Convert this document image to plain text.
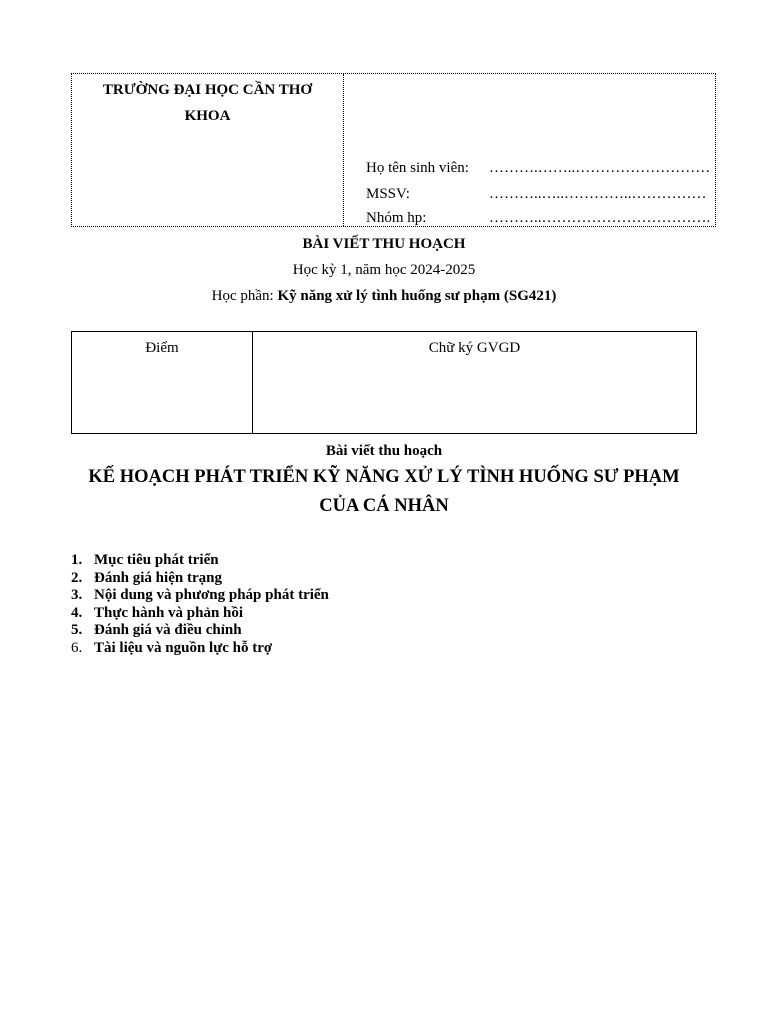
TRƯỜNG ĐẠI HỌC CẦN THƠ
KHOA
Họ tên sinh viên: ……….……..………………………
MSSV:	………..…..…………..……………
Nhóm hp:	………..…………………………….
BÀI VIẾT THU HOẠCH
Học kỳ 1, năm học 2024-2025
Học phần: Kỹ năng xử lý tình huống sư phạm (SG421)
Điểm	Chữ ký GVGD
Bài viết thu hoạch
KẾ HOẠCH PHÁT TRIỂN KỸ NĂNG XỬ LÝ TÌNH HUỐNG SƯ PHẠM
CỦA CÁ NHÂN
1. Mục tiêu phát triển
2. Đánh giá hiện trạng
3. Nội dung và phương pháp phát triển
4. Thực hành và phản hồi
5. Đánh giá và điều chỉnh
6. Tài liệu và nguồn lực hỗ trợ
